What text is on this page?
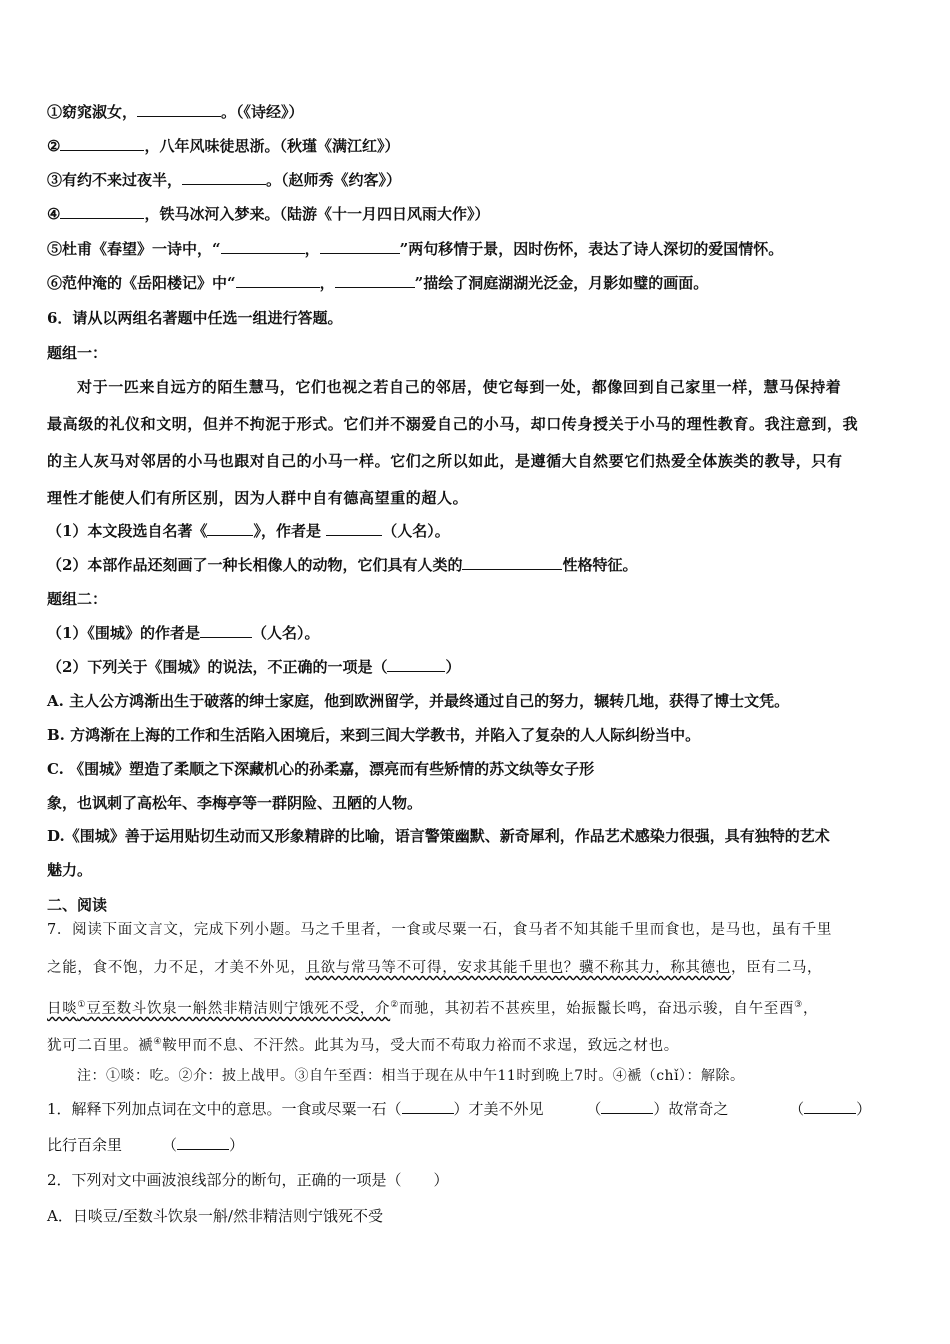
①窈窕淑女，	。（《诗经》）
②	，八年风味徒思浙。（秋瑾《满江红》）
③有约不来过夜半，	。（赵师秀《约客》）
④	，铁马冰河入梦来。（陆游《十一月四日风雨大作》）
⑤杜甫《春望》一诗中，“	，	”两句移情于景，因时伤怀，表达了诗人深切的爱国情怀。
⑥范仲淹的《岳阳楼记》中“	，	”描绘了洞庭湖湖光泛金，月影如璧的画面。
6．请从以两组名著题中任选一组进行答题。
题组一：
对于一匹来自远方的陌生慧马，它们也视之若自己的邻居，使它每到一处，都像回到自己家里一样，慧马保持着
最高级的礼仪和文明，但并不拘泥于形式。它们并不溺爱自己的小马，却口传身授关于小马的理性教育。我注意到，我
的主人灰马对邻居的小马也跟对自己的小马一样。它们之所以如此，是遵循大自然要它们热爱全体族类的教导，只有
理性才能使人们有所区别，因为人群中自有德高望重的超人。
（1）本文段选自名著《	》，作者是	（人名）。
（2）本部作品还刻画了一种长相像人的动物，它们具有人类的	性格特征。
题组二：
（1）《围城》的作者是	（人名）。
（2）下列关于《围城》的说法，不正确的一项是（	）
A. 主人公方鸿渐出生于破落的绅士家庭，他到欧洲留学，并最终通过自己的努力，辗转几地，获得了博士文凭。
B. 方鸿渐在上海的工作和生活陷入困境后，来到三闾大学教书，并陷入了复杂的人人际纠纷当中。
C. 《围城》塑造了柔顺之下深藏机心的孙柔嘉，漂亮而有些矫情的苏文纨等女子形
象，也讽刺了高松年、李梅亭等一群阴险、丑陋的人物。
D.《围城》善于运用贴切生动而又形象精辟的比喻，语言警策幽默、新奇犀利，作品艺术感染力很强，具有独特的艺术
魅力。
二、阅读
7．阅读下面文言文，完成下列小题。马之千里者，一食或尽粟一石，食马者不知其能千里而食也，是马也，虽有千里
之能，食不饱，力不足，才美不外见，且欲与常马等不可得，安求其能千里也？骥不称其力，称其德也，臣有二马，
日啖①豆至数斗饮泉一斛然非精洁则宁饿死不受，介②而驰，其初若不甚疾里，始振鬣长鸣，奋迅示骏，自午至酉③，
犹可二百里。褫④鞍甲而不息、不汗然。此其为马，受大而不苟取力裕而不求逞，致远之材也。
注：①啖：吃。②介：披上战甲。③自午至酉：相当于现在从中午11时到晚上7时。④褫（chǐ）：解除。
1．解释下列加点词在文中的意思。一食或尽粟一石（	）才美不外见	（	）故常奇之	（	）
比行百余里	（	）
2．下列对文中画波浪线部分的断句，正确的一项是（ ）
A．日啖豆/至数斗饮泉一斛/然非精洁则宁饿死不受
